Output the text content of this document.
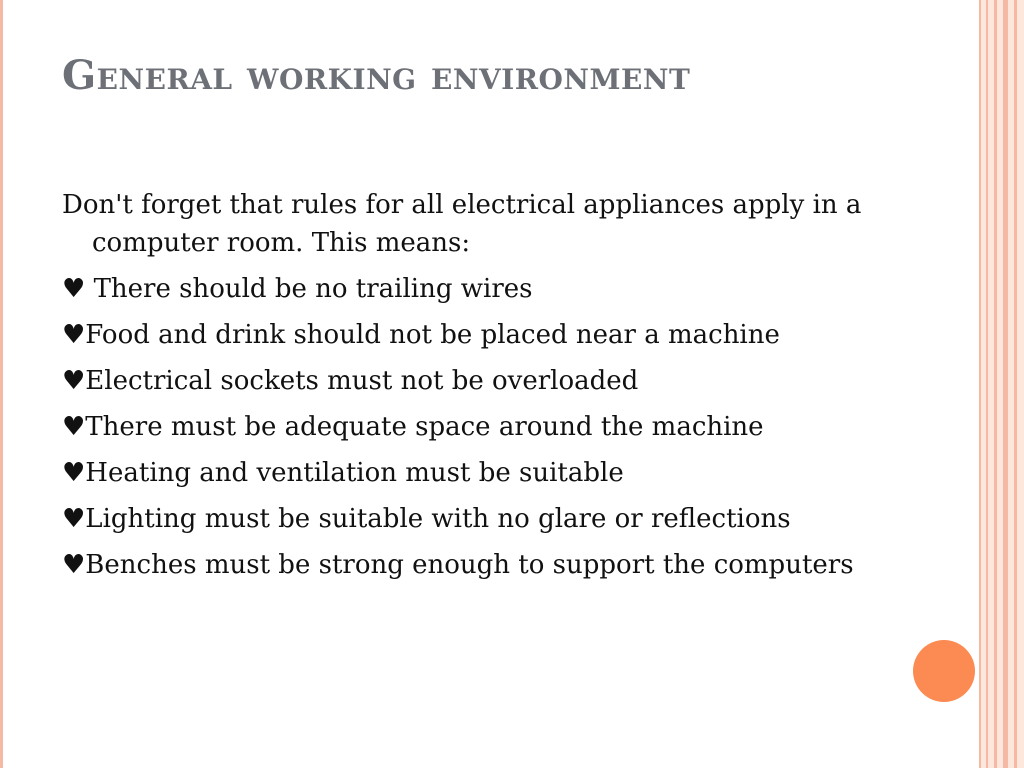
General working environment

Don't forget that rules for all electrical appliances apply in a computer room. This means:

♥ There should be no trailing wires

♥Food and drink should not be placed near a machine

♥Electrical sockets must not be overloaded

♥There must be adequate space around the machine

♥Heating and ventilation must be suitable

♥Lighting must be suitable with no glare or reflections

♥Benches must be strong enough to support the computers
